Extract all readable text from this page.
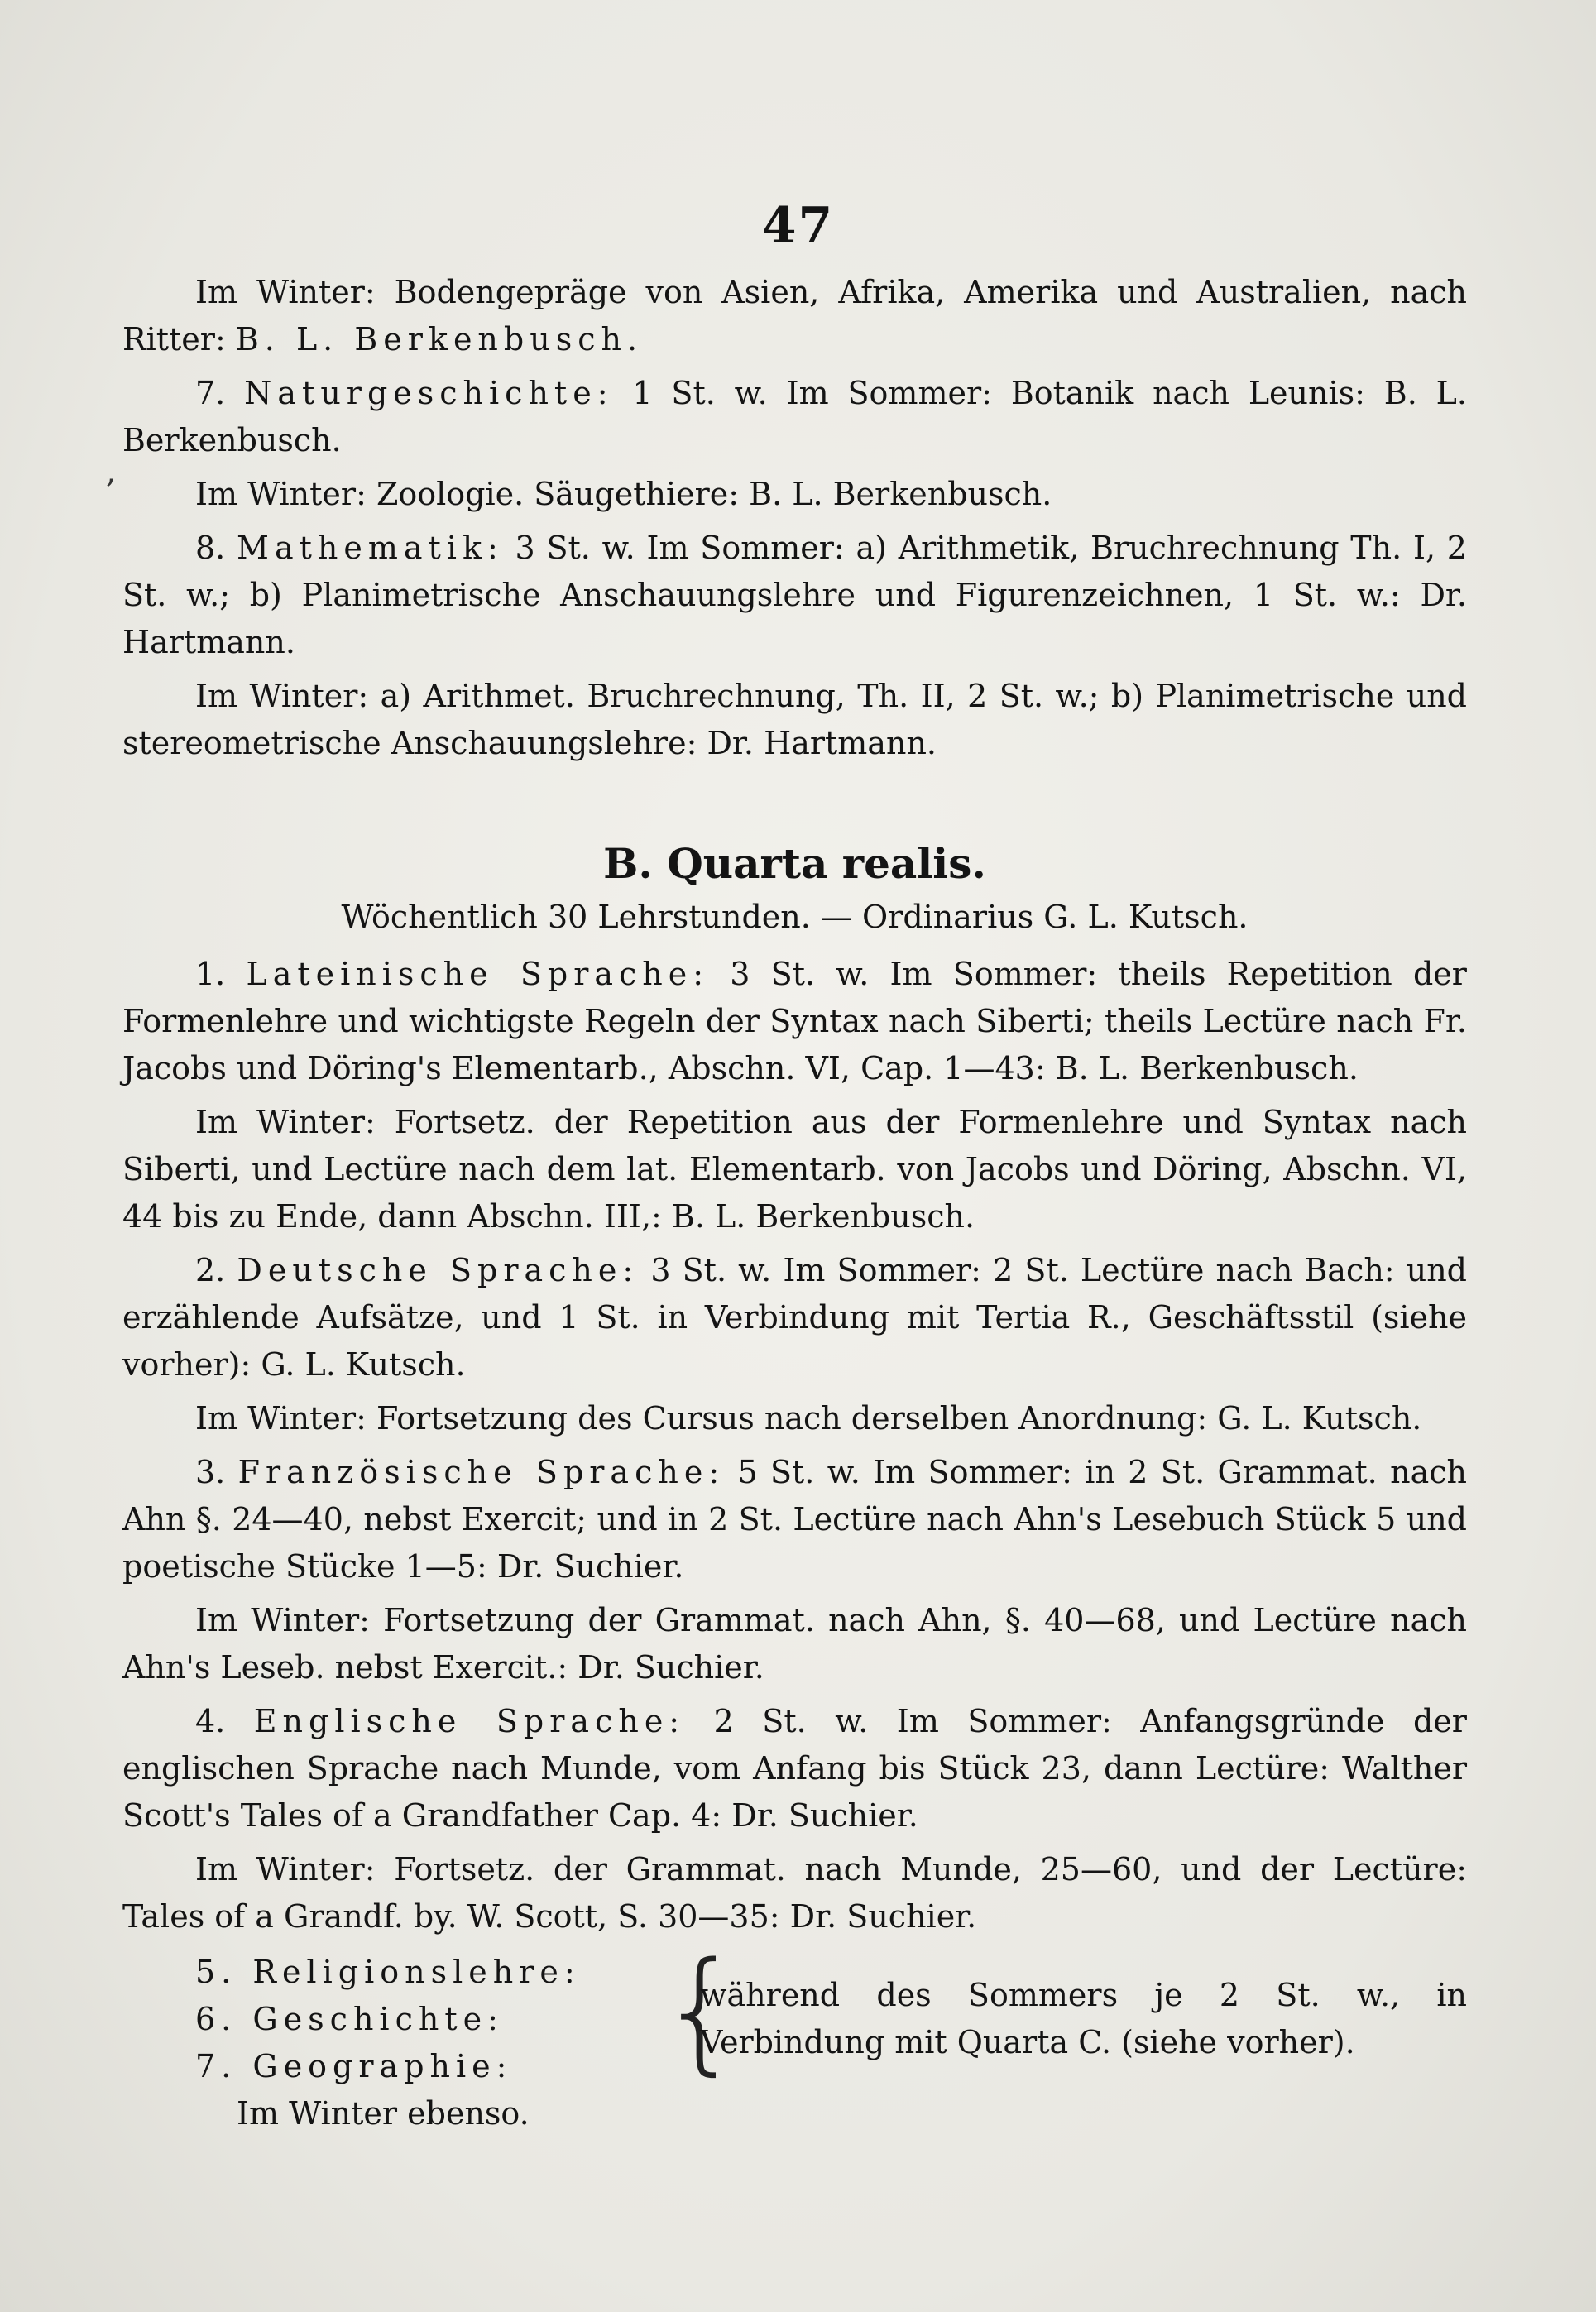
47
,

Im Winter: Bodengepräge von Asien, Afrika, Amerika und Australien, nach Ritter: B. L. Berkenbusch.

7. Naturgeschichte: 1 St. w. Im Sommer: Botanik nach Leunis: B. L. Berkenbusch.

Im Winter: Zoologie. Säugethiere: B. L. Berkenbusch.

8. Mathematik: 3 St. w. Im Sommer: a) Arithmetik, Bruchrechnung Th. I, 2 St. w.; b) Planimetrische Anschauungslehre und Figurenzeichnen, 1 St. w.: Dr. Hartmann.

Im Winter: a) Arithmet. Bruchrechnung, Th. II, 2 St. w.; b) Planimetrische und stereometrische Anschauungslehre: Dr. Hartmann.

B. Quarta realis.
Wöchentlich 30 Lehrstunden. — Ordinarius G. L. Kutsch.

1. Lateinische Sprache: 3 St. w. Im Sommer: theils Repetition der Formenlehre und wichtigste Regeln der Syntax nach Siberti; theils Lectüre nach Fr. Jacobs und Döring's Elementarb., Abschn. VI, Cap. 1—43: B. L. Berkenbusch.

Im Winter: Fortsetz. der Repetition aus der Formenlehre und Syntax nach Siberti, und Lectüre nach dem lat. Elementarb. von Jacobs und Döring, Abschn. VI, 44 bis zu Ende, dann Abschn. III,: B. L. Berkenbusch.

2. Deutsche Sprache: 3 St. w. Im Sommer: 2 St. Lectüre nach Bach: und erzählende Aufsätze, und 1 St. in Verbindung mit Tertia R., Geschäftsstil (siehe vorher): G. L. Kutsch.

Im Winter: Fortsetzung des Cursus nach derselben Anordnung: G. L. Kutsch.

3. Französische Sprache: 5 St. w. Im Sommer: in 2 St. Grammat. nach Ahn §. 24—40, nebst Exercit; und in 2 St. Lectüre nach Ahn's Lesebuch Stück 5 und poetische Stücke 1—5: Dr. Suchier.

Im Winter: Fortsetzung der Grammat. nach Ahn, §. 40—68, und Lectüre nach Ahn's Leseb. nebst Exercit.: Dr. Suchier.

4. Englische Sprache: 2 St. w. Im Sommer: Anfangsgründe der englischen Sprache nach Munde, vom Anfang bis Stück 23, dann Lectüre: Walther Scott's Tales of a Grandfather Cap. 4: Dr. Suchier.

Im Winter: Fortsetz. der Grammat. nach Munde, 25—60, und der Lectüre: Tales of a Grandf. by. W. Scott, S. 30—35: Dr. Suchier.

5. Religionslehre:
6. Geschichte:
7. Geographie:
Im Winter ebenso.
{
während des Sommers je 2 St. w., in Verbindung mit Quarta C. (siehe vorher).
